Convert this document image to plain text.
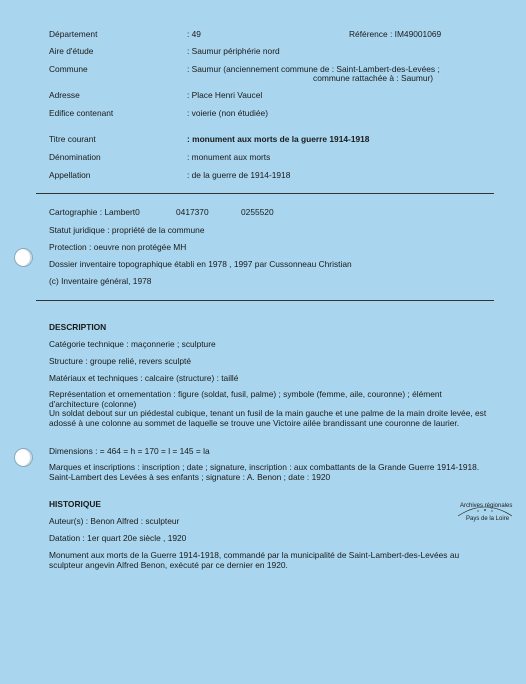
Département	: 49	Référence : IM49001069
Aire d'étude	: Saumur périphérie nord
Commune	: Saumur (anciennement commune de : Saint-Lambert-des-Levées ;
commune rattachée à : Saumur)
Adresse	: Place Henri Vaucel
Edifice contenant	: voierie (non étudiée)
Titre courant	: monument aux morts de la guerre 1914-1918
Dénomination	: monument aux morts
Appellation	: de la guerre de 1914-1918
Cartographie : Lambert0	0417370	0255520
Statut juridique : propriété de la commune
Protection : oeuvre non protégée MH
Dossier inventaire topographique établi en 1978 , 1997 par Cussonneau Christian
(c) Inventaire général, 1978
DESCRIPTION
Catégorie technique : maçonnerie ; sculpture
Structure : groupe relié, revers sculpté
Matériaux et techniques : calcaire (structure) : taillé
Représentation et ornementation : figure (soldat, fusil, palme) ; symbole (femme, aile, couronne) ; élément d'architecture (colonne)
Un soldat debout sur un piédestal cubique, tenant un fusil de la main gauche et une palme de la main droite levée, est adossé à une colonne au sommet de laquelle se trouve une Victoire ailée brandissant une couronne de laurier.
Dimensions : = 464 = h = 170 = l = 145 = la
Marques et inscriptions : inscription ; date ; signature, inscription : aux combattants de la Grande Guerre 1914-1918. Saint-Lambert des Levées à ses enfants ; signature : A. Benon ; date : 1920
HISTORIQUE
Auteur(s) : Benon Alfred : sculpteur
Datation : 1er quart 20e siècle , 1920
Monument aux morts de la Guerre 1914-1918, commandé par la municipalité de Saint-Lambert-des-Levées au sculpteur angevin Alfred Benon, exécuté par ce dernier en 1920.
Archives régionales
Pays de la Loire
